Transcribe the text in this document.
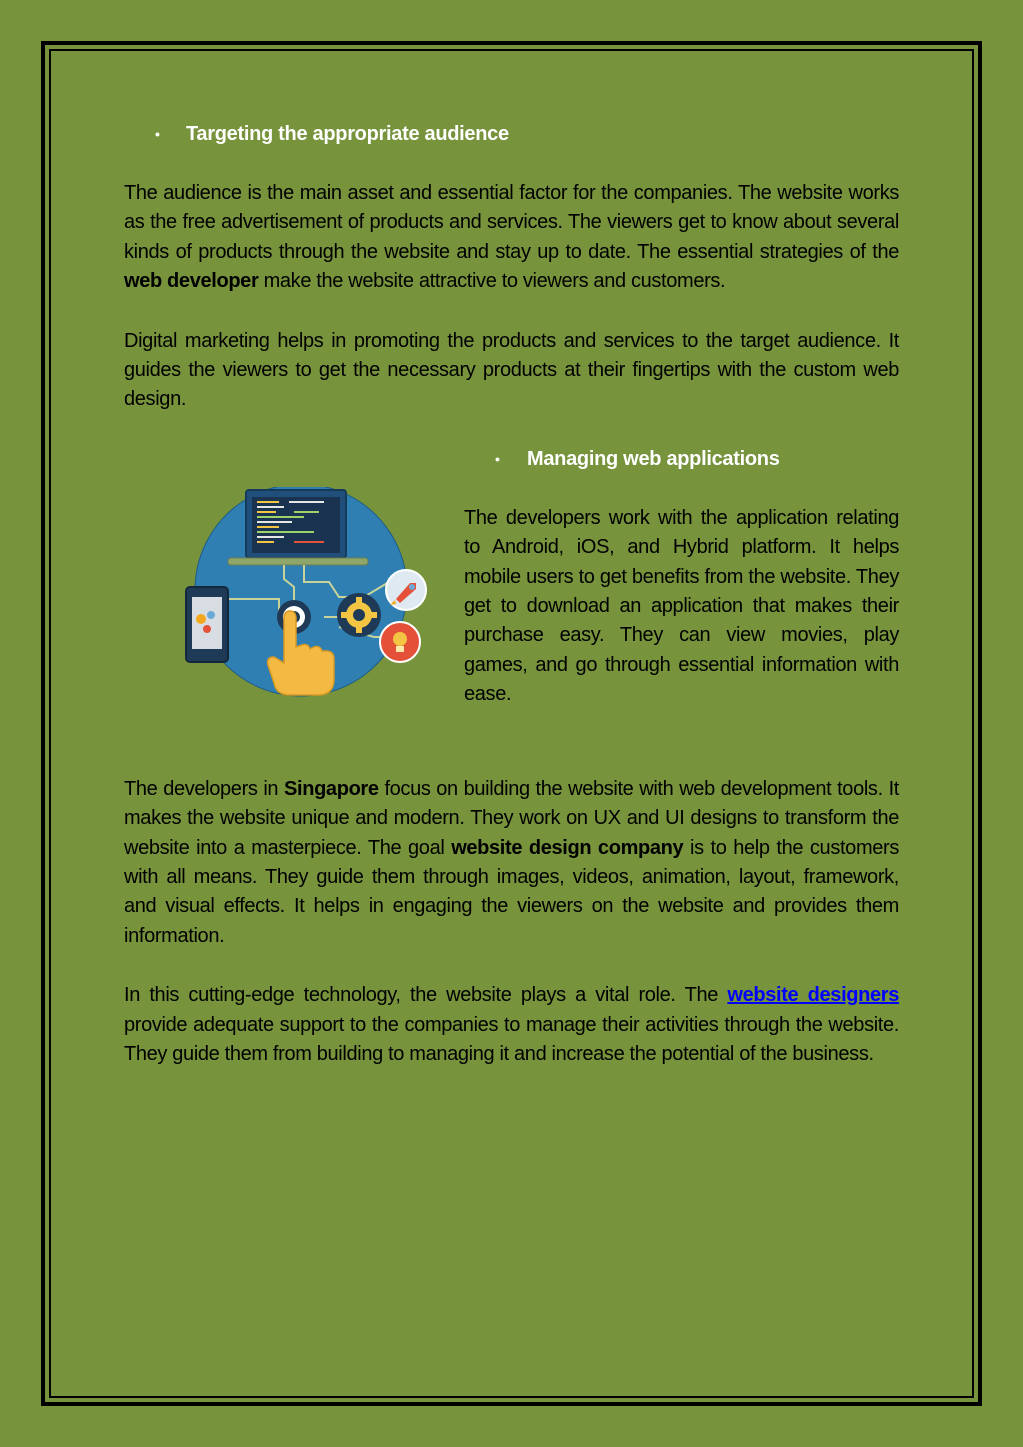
• Targeting the appropriate audience

The audience is the main asset and essential factor for the companies. The website works as the free advertisement of products and services. The viewers get to know about several kinds of products through the website and stay up to date. The essential strategies of the web developer make the website attractive to viewers and customers.

Digital marketing helps in promoting the products and services to the target audience. It guides the viewers to get the necessary products at their fingertips with the custom web design.

• Managing web applications

The developers work with the application relating to Android, iOS, and Hybrid platform. It helps mobile users to get benefits from the website. They get to download an application that makes their purchase easy. They can view movies, play games, and go through essential information with ease.

The developers in Singapore focus on building the website with web development tools. It makes the website unique and modern. They work on UX and UI designs to transform the website into a masterpiece. The goal website design company is to help the customers with all means. They guide them through images, videos, animation, layout, framework, and visual effects. It helps in engaging the viewers on the website and provides them information.

In this cutting-edge technology, the website plays a vital role. The website designers provide adequate support to the companies to manage their activities through the website. They guide them from building to managing it and increase the potential of the business.
